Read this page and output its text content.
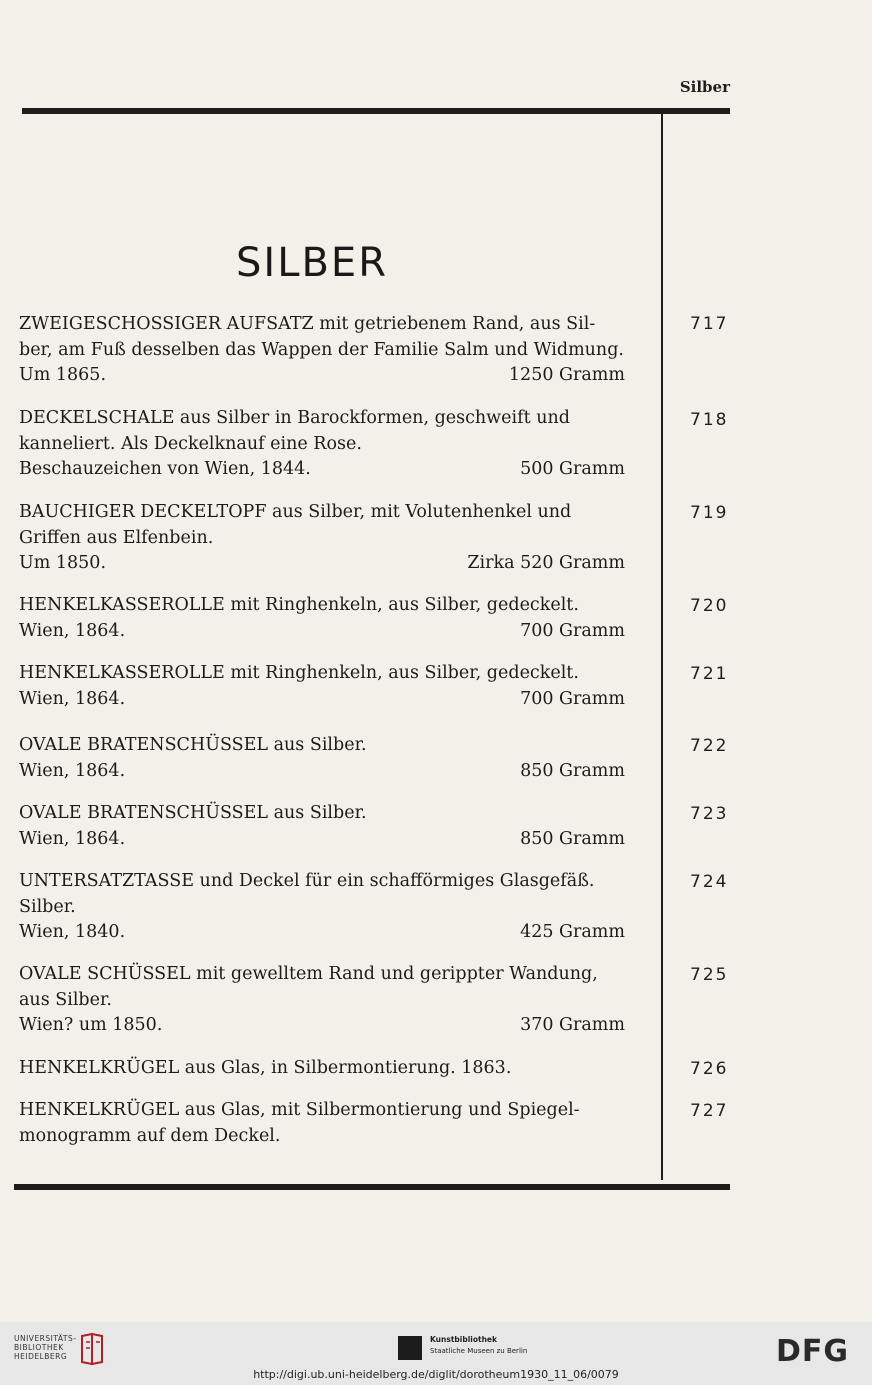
Silber
SILBER
ZWEIGESCHOSSIGER AUFSATZ mit getriebenem Rand, aus Sil-
ber, am Fuß desselben das Wappen der Familie Salm und Widmung.
Um 1865.	1250 Gramm
717
DECKELSCHALE aus Silber in Barockformen, geschweift und
kanneliert. Als Deckelknauf eine Rose.
Beschauzeichen von Wien, 1844.	500 Gramm
718
BAUCHIGER DECKELTOPF aus Silber, mit Volutenhenkel und
Griffen aus Elfenbein.
Um 1850.	Zirka 520 Gramm
719
HENKELKASSEROLLE mit Ringhenkeln, aus Silber, gedeckelt.
Wien, 1864.	700 Gramm
720
HENKELKASSEROLLE mit Ringhenkeln, aus Silber, gedeckelt.
Wien, 1864.	700 Gramm
721
OVALE BRATENSCHÜSSEL aus Silber.
Wien, 1864.	850 Gramm
722
OVALE BRATENSCHÜSSEL aus Silber.
Wien, 1864.	850 Gramm
723
UNTERSATZTASSE und Deckel für ein schafförmiges Glasgefäß.
Silber.
Wien, 1840.	425 Gramm
724
OVALE SCHÜSSEL mit gewelltem Rand und gerippter Wandung,
aus Silber.
Wien? um 1850.	370 Gramm
725
HENKELKRÜGEL aus Glas, in Silbermontierung. 1863.	726
HENKELKRÜGEL aus Glas, mit Silbermontierung und Spiegel-
monogramm auf dem Deckel.
727
UNIVERSITÄTS-
BIBLIOTHEK
HEIDELBERG
Kunstbibliothek
Staatliche Museen zu Berlin	DFG
http://digi.ub.uni-heidelberg.de/diglit/dorotheum1930_11_06/0079
